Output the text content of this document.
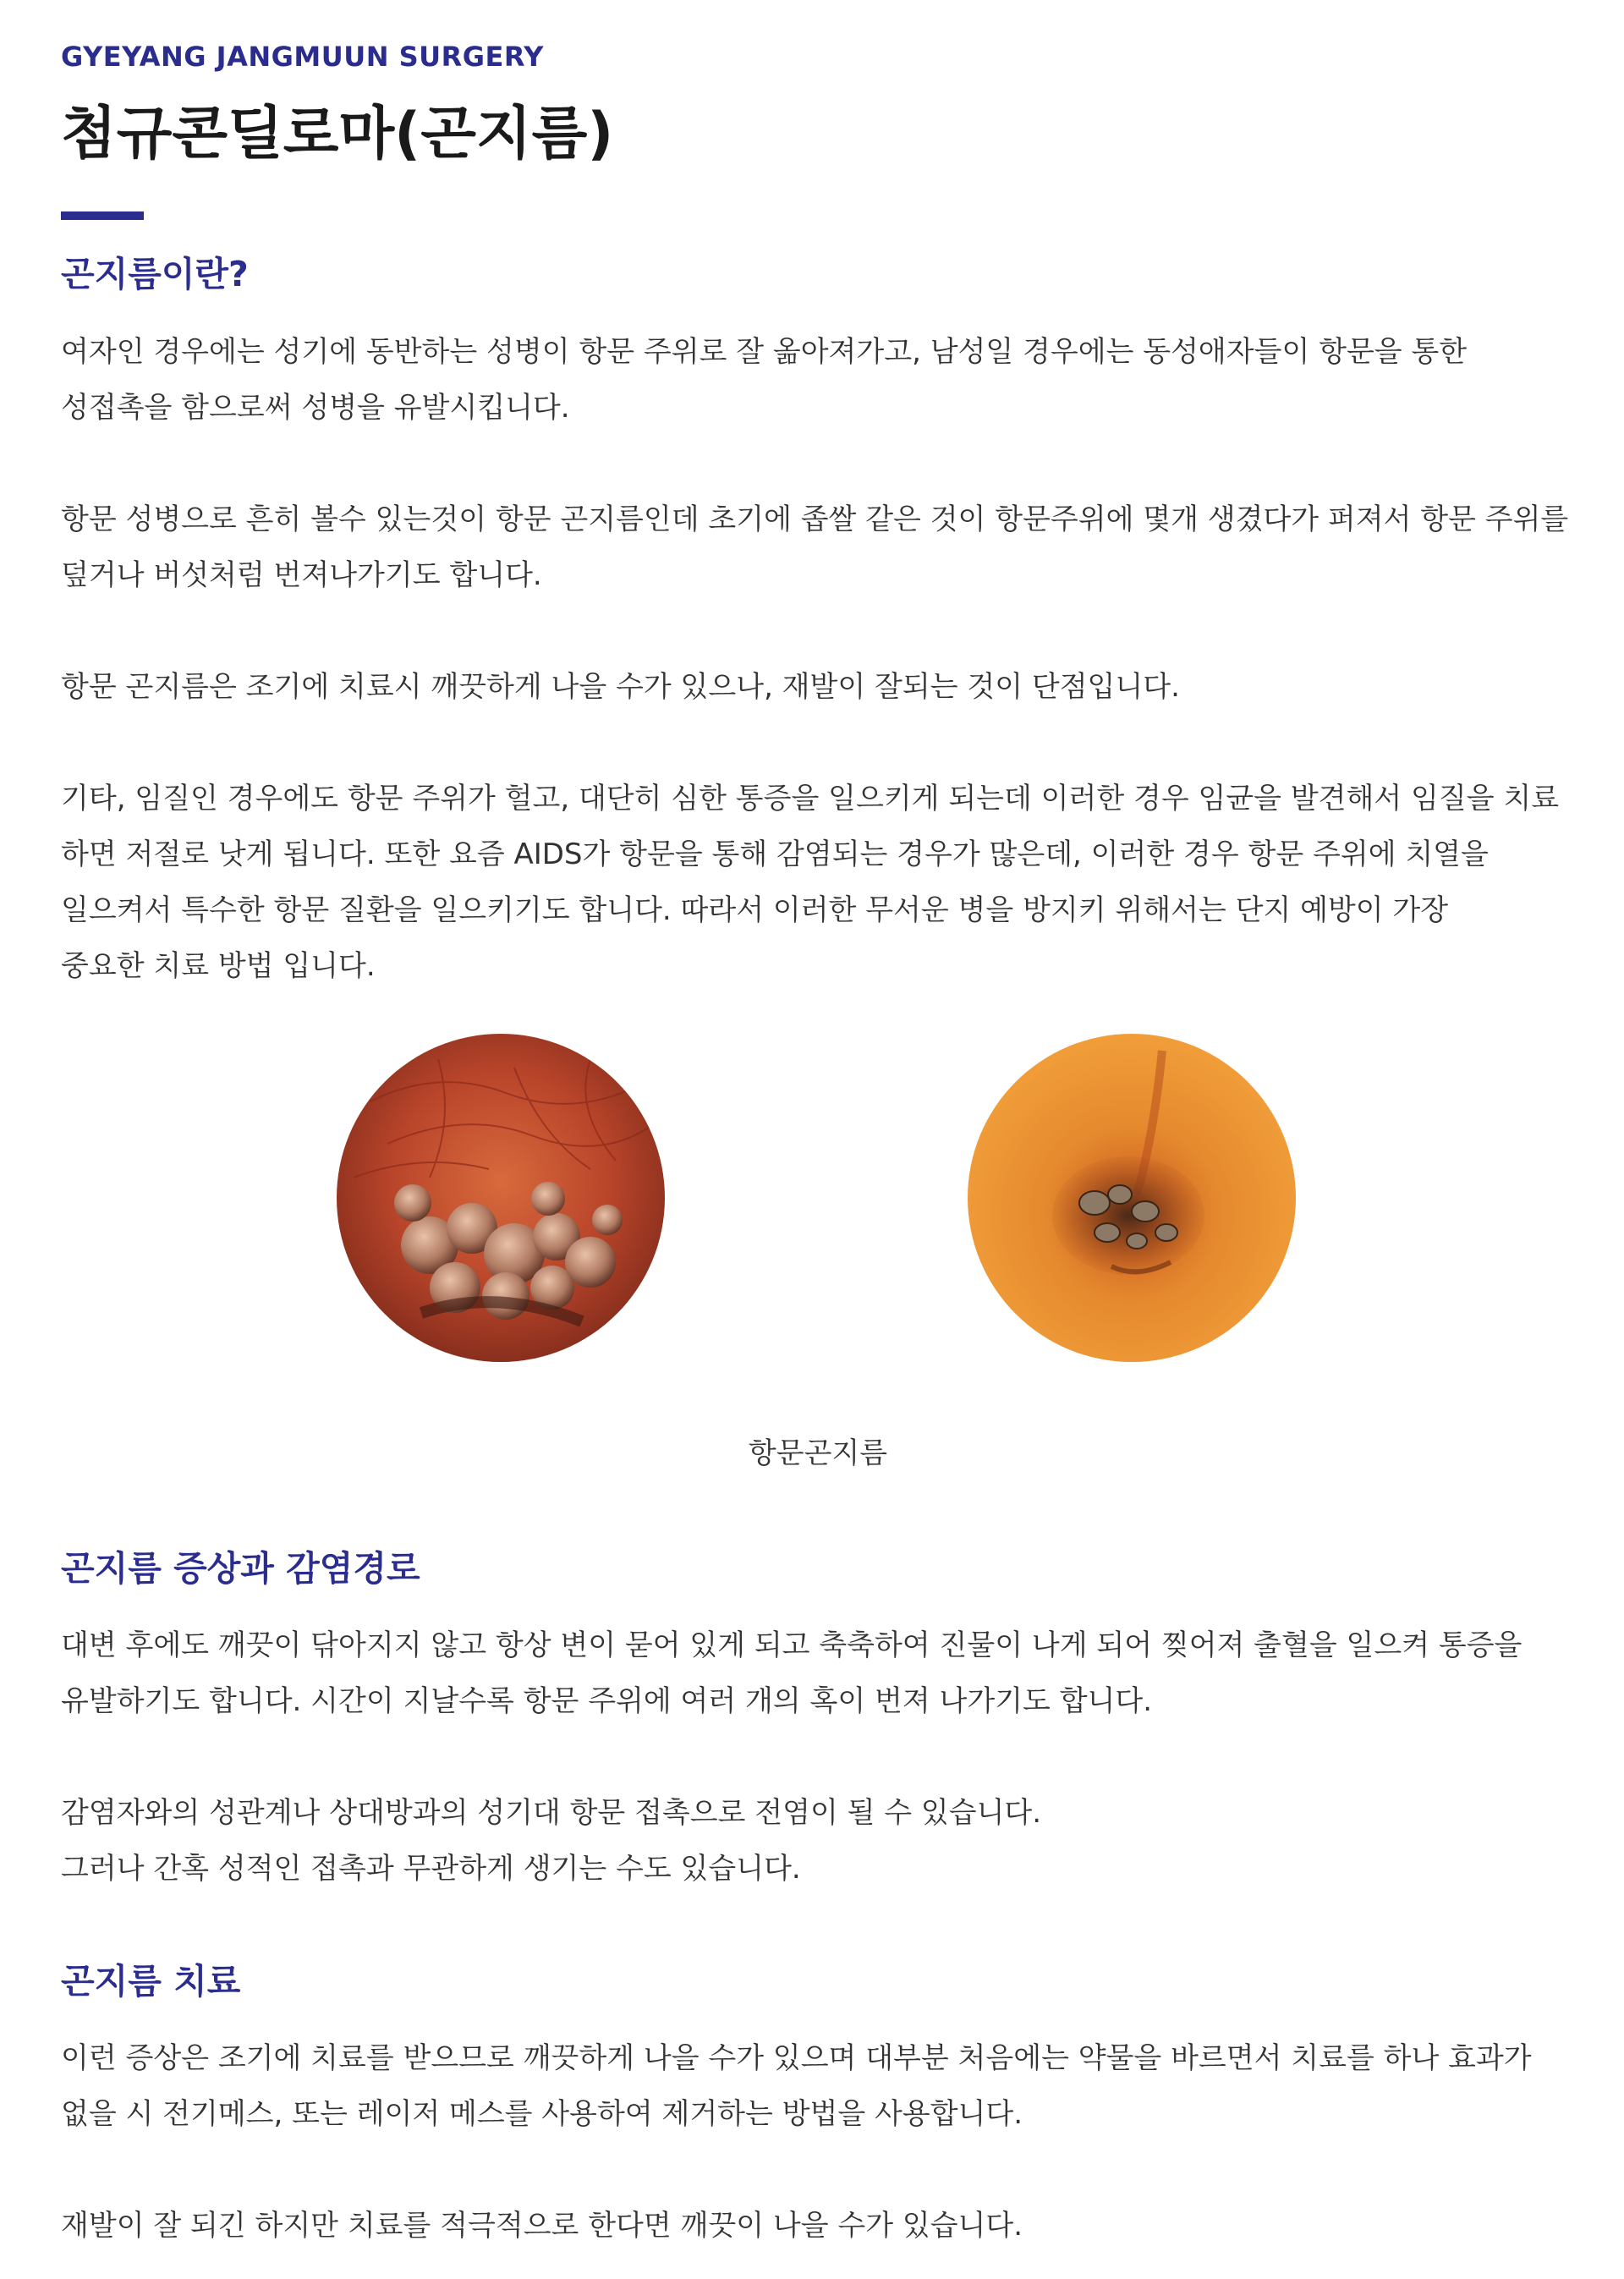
GYEYANG JANGMUUN SURGERY
첨규콘딜로마(곤지름)
곤지름이란?

여자인 경우에는 성기에 동반하는 성병이 항문 주위로 잘 옮아져가고, 남성일 경우에는 동성애자들이 항문을 통한
성접촉을 함으로써 성병을 유발시킵니다.

항문 성병으로 흔히 볼수 있는것이 항문 곤지름인데 초기에 좁쌀 같은 것이 항문주위에 몇개 생겼다가 퍼져서 항문 주위를
덮거나 버섯처럼 번져나가기도 합니다.

항문 곤지름은 조기에 치료시 깨끗하게 나을 수가 있으나, 재발이 잘되는 것이 단점입니다.

기타, 임질인 경우에도 항문 주위가 헐고, 대단히 심한 통증을 일으키게 되는데 이러한 경우 임균을 발견해서 임질을 치료
하면 저절로 낫게 됩니다. 또한 요즘 AIDS가 항문을 통해 감염되는 경우가 많은데, 이러한 경우 항문 주위에 치열을
일으켜서 특수한 항문 질환을 일으키기도 합니다. 따라서 이러한 무서운 병을 방지키 위해서는 단지 예방이 가장
중요한 치료 방법 입니다.

항문곤지름
곤지름 증상과 감염경로

대변 후에도 깨끗이 닦아지지 않고 항상 변이 묻어 있게 되고 축축하여 진물이 나게 되어 찢어져 출혈을 일으켜 통증을
유발하기도 합니다. 시간이 지날수록 항문 주위에 여러 개의 혹이 번져 나가기도 합니다.

감염자와의 성관계나 상대방과의 성기대 항문 접촉으로 전염이 될 수 있습니다.
그러나 간혹 성적인 접촉과 무관하게 생기는 수도 있습니다.

곤지름 치료

이런 증상은 조기에 치료를 받으므로 깨끗하게 나을 수가 있으며 대부분 처음에는 약물을 바르면서 치료를 하나 효과가
없을 시 전기메스, 또는 레이저 메스를 사용하여 제거하는 방법을 사용합니다.

재발이 잘 되긴 하지만 치료를 적극적으로 한다면 깨끗이 나을 수가 있습니다.
